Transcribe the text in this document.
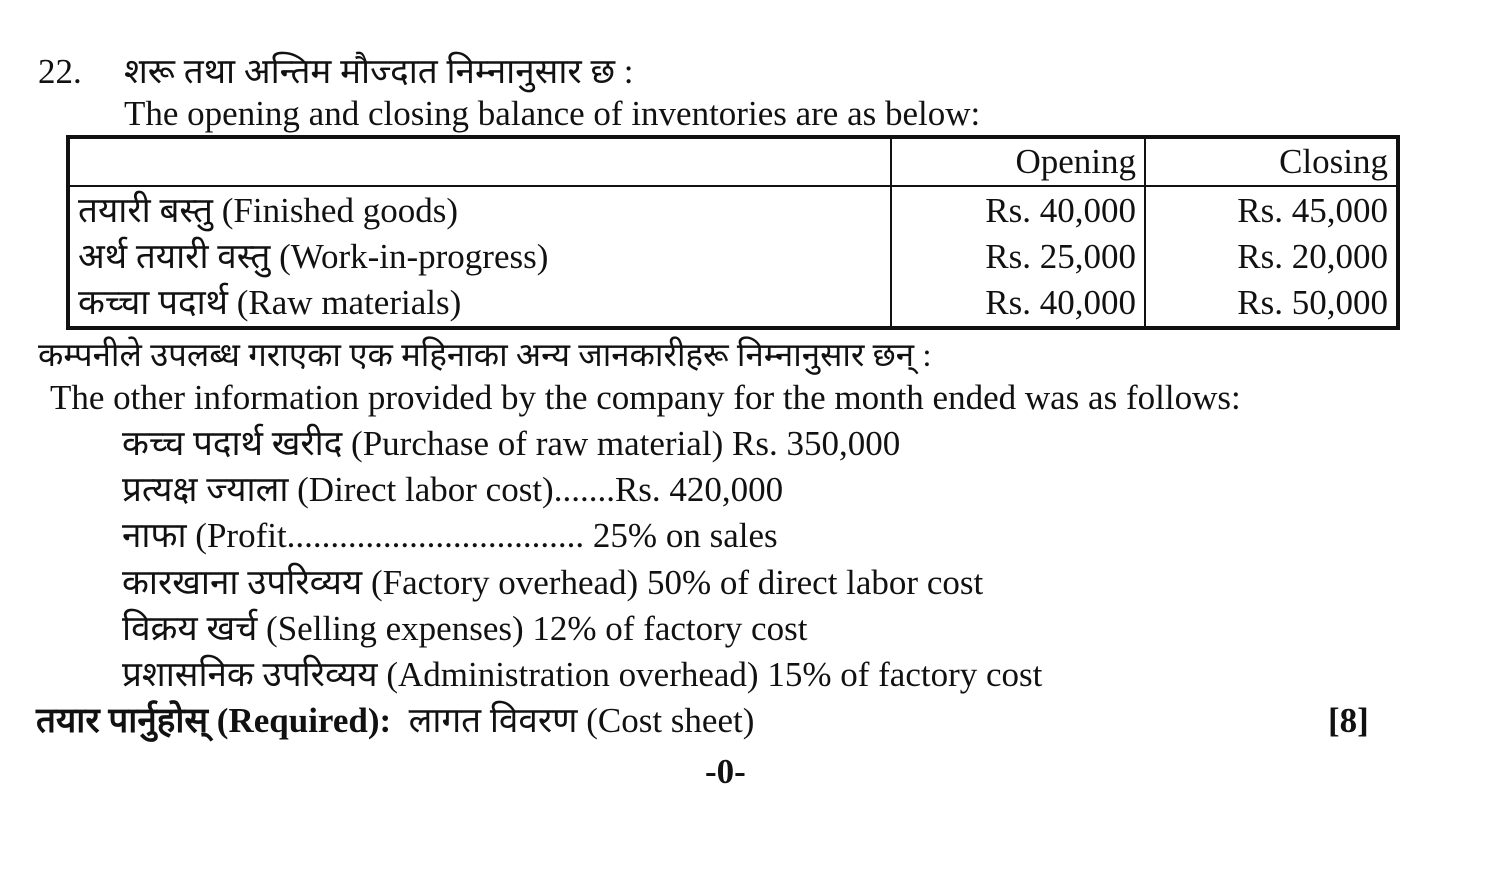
22. शरू तथा अन्तिम मौज्दात निम्नानुसार छ :
The opening and closing balance of inventories are as below:
	Opening	Closing
तयारी बस्तु (Finished goods)	Rs. 40,000	Rs. 45,000
अर्थ तयारी वस्तु (Work-in-progress)	Rs. 25,000	Rs. 20,000
कच्चा पदार्थ (Raw materials)	Rs. 40,000	Rs. 50,000
कम्पनीले उपलब्ध गराएका एक महिनाका अन्य जानकारीहरू निम्नानुसार छन् :
The other information provided by the company for the month ended was as follows:
कच्च पदार्थ खरीद (Purchase of raw material) Rs. 350,000
प्रत्यक्ष ज्याला (Direct labor cost).......Rs. 420,000
नाफा (Profit.................................. 25% on sales
कारखाना उपरिव्यय (Factory overhead) 50% of direct labor cost
विक्रय खर्च (Selling expenses) 12% of factory cost
प्रशासनिक उपरिव्यय (Administration overhead) 15% of factory cost
तयार पार्नुहोस् (Required): लागत विवरण (Cost sheet)	[8]
-0-
